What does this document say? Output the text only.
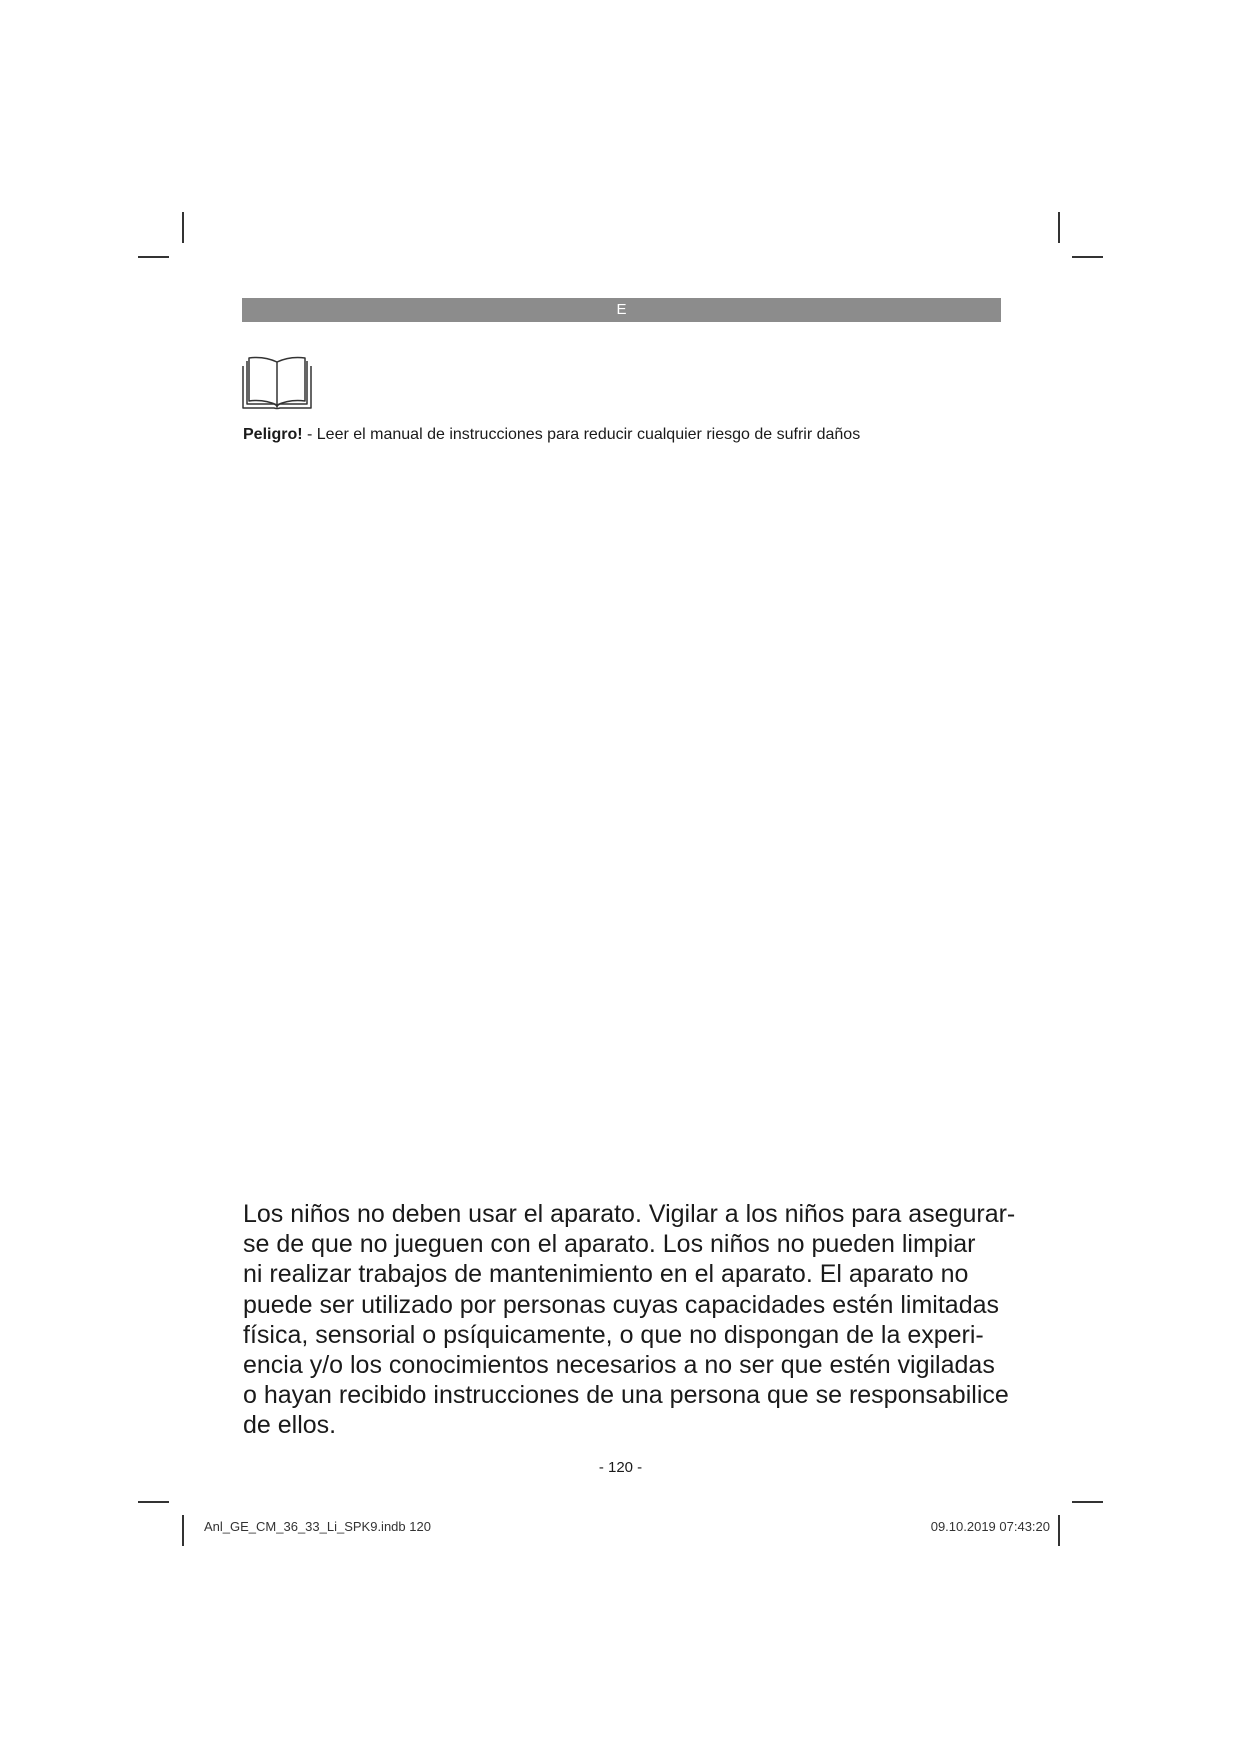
E
Peligro! - Leer el manual de instrucciones para reducir cualquier riesgo de sufrir daños

Los niños no deben usar el aparato. Vigilar a los niños para asegurar-
se de que no jueguen con el aparato. Los niños no pueden limpiar
ni realizar trabajos de mantenimiento en el aparato. El aparato no
puede ser utilizado por personas cuyas capacidades estén limitadas
física, sensorial o psíquicamente, o que no dispongan de la experi-
encia y/o los conocimientos necesarios a no ser que estén vigiladas
o hayan recibido instrucciones de una persona que se responsabilice
de ellos.

- 120 -
Anl_GE_CM_36_33_Li_SPK9.indb 120	09.10.2019 07:43:20
